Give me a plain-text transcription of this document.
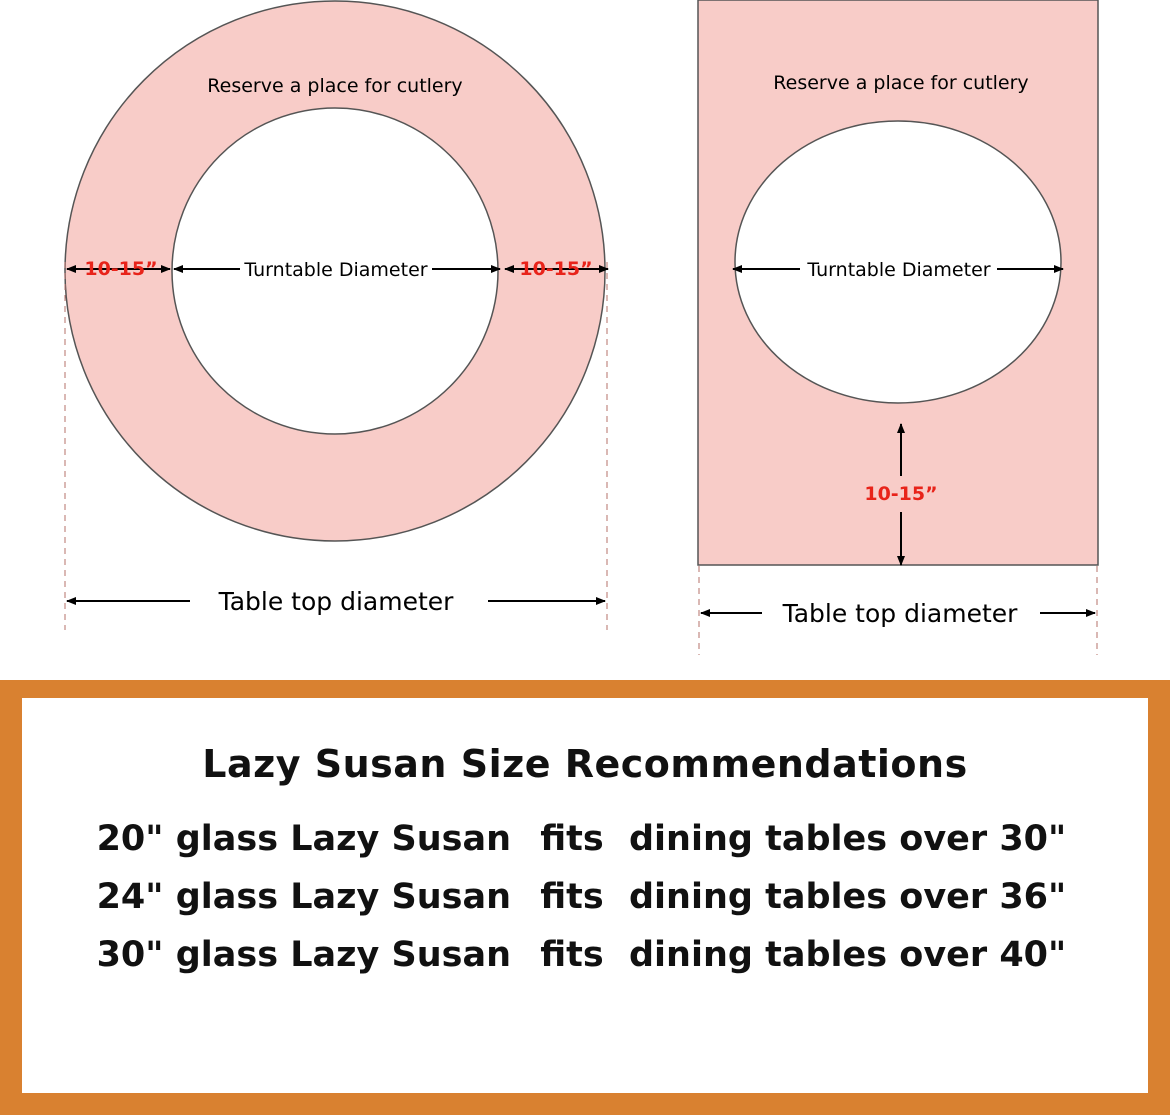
Reserve a place for cutlery
10-15”	Turntable Diameter	10-15”
Table top diameter
Reserve a place for cutlery
Turntable Diameter
10-15”
Table top diameter
Lazy Susan Size Recommendations
20" glass Lazy Susan fits dining tables over 30"
24" glass Lazy Susan fits dining tables over 36"
30" glass Lazy Susan fits dining tables over 40"
